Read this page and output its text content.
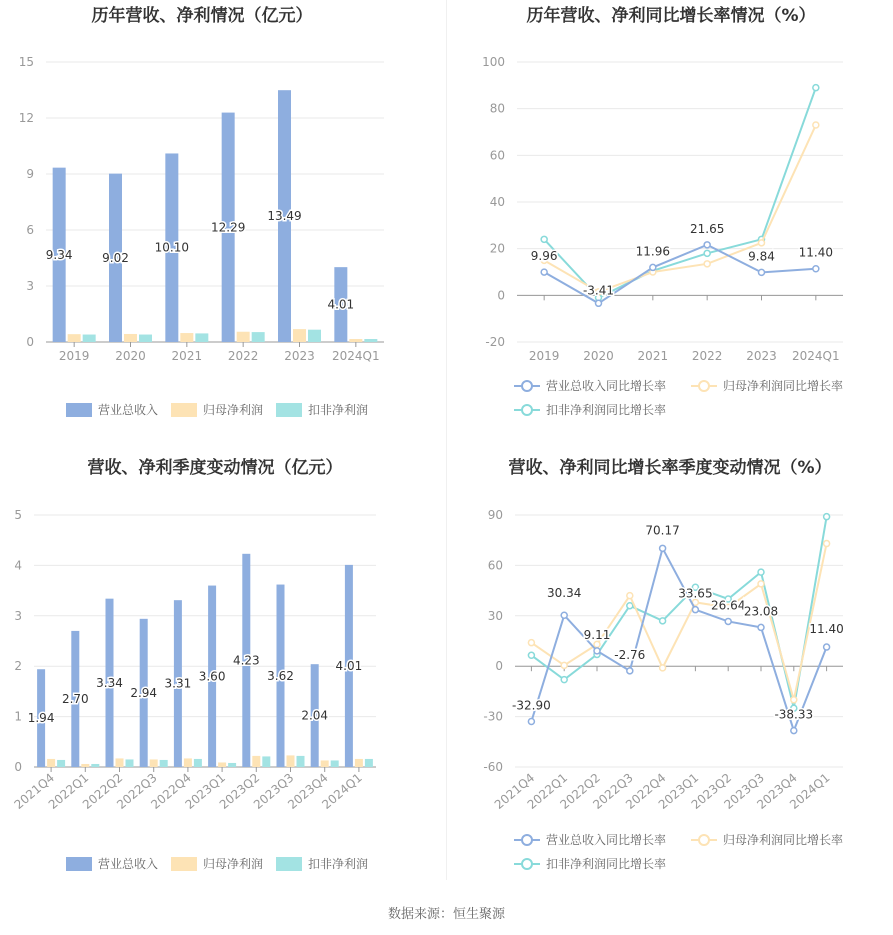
历年营收、净利情况（亿元）
0
3
6
9
12
15
2019 2020 2021 2022 2023 2024Q1
9.34 9.02
10.10
12.29
13.49
4.01
营业总收入	归母净利润	扣非净利润
历年营收、净利同比增长率情况（%）
-20
0
20
40
60
80
100
2019 2020 2021 2022 2023 2024Q1
9.96
-3.41
11.96
21.65
9.84 11.40
营业总收入同比增长率	归母净利润同比增长率
扣非净利润同比增长率
营收、净利季度变动情况（亿元）
0
1
2
3
4
5
2021Q4
2022Q1
2022Q2
2022Q3
2022Q4
2023Q1
2023Q2
2023Q3
2023Q4
2024Q1
1.94
2.70
3.34
2.94
3.31
3.60
4.23
3.62
2.04
4.01
营业总收入	归母净利润	扣非净利润
营收、净利同比增长率季度变动情况（%）
-60
-30
0
30
60
90
2021Q4
2022Q1
2022Q2
2022Q3
2022Q4
2023Q1
2023Q2
2023Q3
2023Q4
2024Q1
-32.90
30.34
9.11
-2.76
70.17
33.65
26.64
23.08
-38.33
11.40
营业总收入同比增长率	归母净利润同比增长率
扣非净利润同比增长率
数据来源：恒生聚源
